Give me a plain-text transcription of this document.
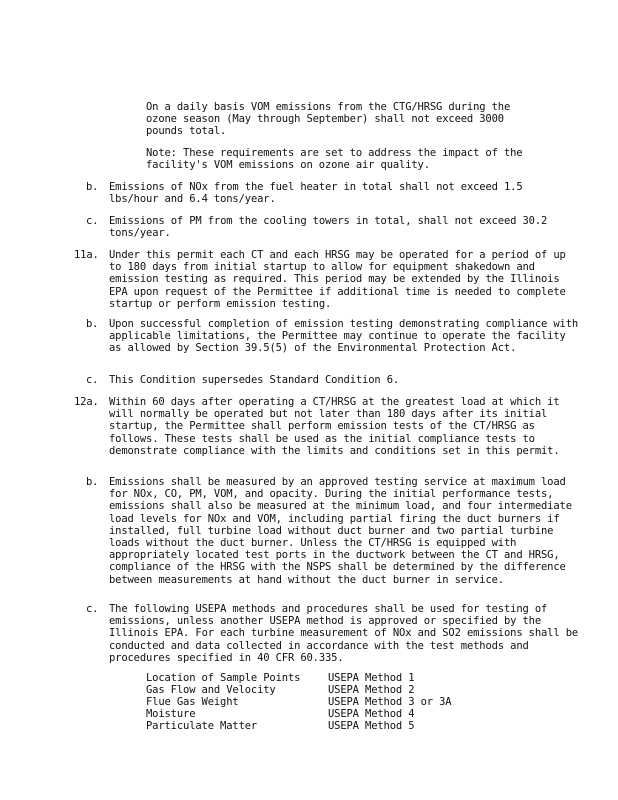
On a daily basis VOM emissions from the CTG/HRSG during the ozone season (May through September) shall not exceed 3000 pounds total.
Note: These requirements are set to address the impact of the facility's VOM emissions on ozone air quality.
b. Emissions of NOx from the fuel heater in total shall not exceed 1.5 lbs/hour and 6.4 tons/year.
c. Emissions of PM from the cooling towers in total, shall not exceed 30.2 tons/year.
11a. Under this permit each CT and each HRSG may be operated for a period of up to 180 days from initial startup to allow for equipment shakedown and emission testing as required. This period may be extended by the Illinois EPA upon request of the Permittee if additional time is needed to complete startup or perform emission testing.
b. Upon successful completion of emission testing demonstrating compliance with applicable limitations, the Permittee may continue to operate the facility as allowed by Section 39.5(5) of the Environmental Protection Act.
c. This Condition supersedes Standard Condition 6.
12a. Within 60 days after operating a CT/HRSG at the greatest load at which it will normally be operated but not later than 180 days after its initial startup, the Permittee shall perform emission tests of the CT/HRSG as follows. These tests shall be used as the initial compliance tests to demonstrate compliance with the limits and conditions set in this permit.
b. Emissions shall be measured by an approved testing service at maximum load for NOx, CO, PM, VOM, and opacity. During the initial performance tests, emissions shall also be measured at the minimum load, and four intermediate load levels for NOx and VOM, including partial firing the duct burners if installed, full turbine load without duct burner and two partial turbine loads without the duct burner. Unless the CT/HRSG is equipped with appropriately located test ports in the ductwork between the CT and HRSG, compliance of the HRSG with the NSPS shall be determined by the difference between measurements at hand without the duct burner in service.
c. The following USEPA methods and procedures shall be used for testing of emissions, unless another USEPA method is approved or specified by the Illinois EPA. For each turbine measurement of NOx and SO2 emissions shall be conducted and data collected in accordance with the test methods and procedures specified in 40 CFR 60.335.
Location of Sample Points	USEPA Method 1
Gas Flow and Velocity	USEPA Method 2
Flue Gas Weight	USEPA Method 3 or 3A
Moisture	USEPA Method 4
Particulate Matter	USEPA Method 5
